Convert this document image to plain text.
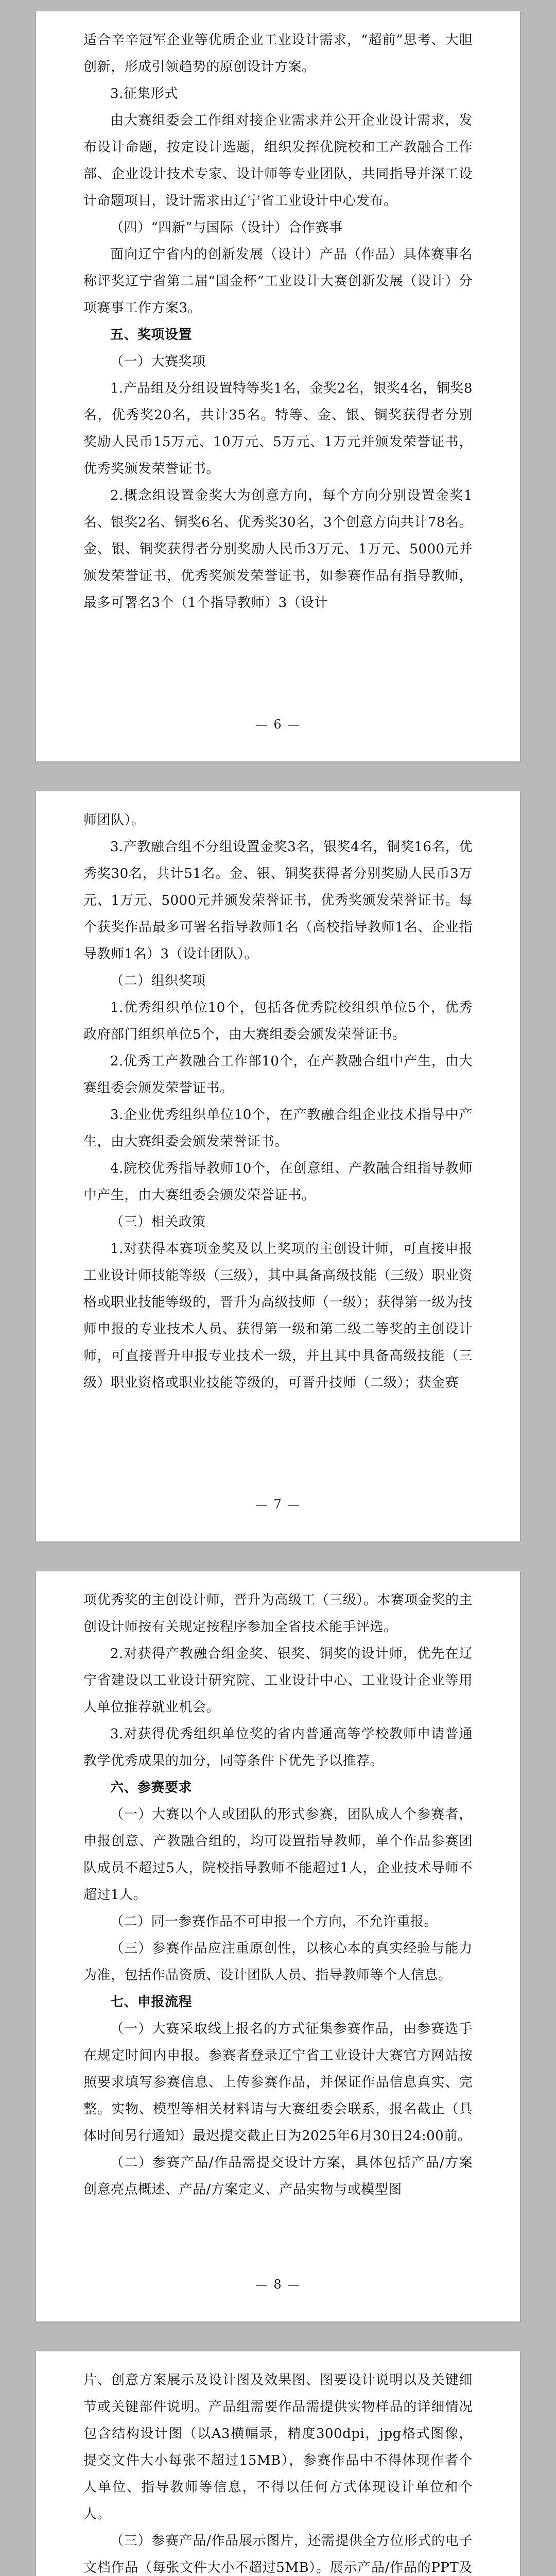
适合辛辛冠军企业等优质企业工业设计需求，“超前”思考、大胆创新，形成引领趋势的原创设计方案。

3.征集形式

由大赛组委会工作组对接企业需求并公开企业设计需求，发布设计命题，按定设计选题，组织发挥优院校和工产教融合工作部、企业设计技术专家、设计师等专业团队，共同指导并深工设计命题项目，设计需求由辽宁省工业设计中心发布。

（四）“四新”与国际（设计）合作赛事

面向辽宁省内的创新发展（设计）产品（作品）具体赛事名称评奖辽宁省第二届“国金杯”工业设计大赛创新发展（设计）分项赛事工作方案3。

五、奖项设置
（一）大赛奖项

1.产品组及分组设置特等奖1名，金奖2名，银奖4名，铜奖8名，优秀奖20名，共计35名。特等、金、银、铜奖获得者分别奖励人民币15万元、10万元、5万元、1万元并颁发荣誉证书，优秀奖颁发荣誉证书。

2.概念组设置金奖大为创意方向，每个方向分别设置金奖1名、银奖2名、铜奖6名、优秀奖30名，3个创意方向共计78名。金、银、铜奖获得者分别奖励人民币3万元、1万元、5000元并颁发荣誉证书，优秀奖颁发荣誉证书，如参赛作品有指导教师，最多可署名3个（1个指导教师）3（设计

— 6 —

师团队）。

3.产教融合组不分组设置金奖3名，银奖4名，铜奖16名，优秀奖30名，共计51名。金、银、铜奖获得者分别奖励人民币3万元、1万元、5000元并颁发荣誉证书，优秀奖颁发荣誉证书。每个获奖作品最多可署名指导教师1名（高校指导教师1名、企业指导教师1名）3（设计团队）。

（二）组织奖项

1.优秀组织单位10个，包括各优秀院校组织单位5个，优秀政府部门组织单位5个，由大赛组委会颁发荣誉证书。

2.优秀工产教融合工作部10个，在产教融合组中产生，由大赛组委会颁发荣誉证书。

3.企业优秀组织单位10个，在产教融合组企业技术指导中产生，由大赛组委会颁发荣誉证书。

4.院校优秀指导教师10个，在创意组、产教融合组指导教师中产生，由大赛组委会颁发荣誉证书。

（三）相关政策

1.对获得本赛项金奖及以上奖项的主创设计师，可直接申报工业设计师技能等级（三级），其中具备高级技能（三级）职业资格或职业技能等级的，晋升为高级技师（一级）；获得第一级为技师申报的专业技术人员、获得第一级和第二级二等奖的主创设计师，可直接晋升申报专业技术一级，并且其中具备高级技能（三级）职业资格或职业技能等级的，可晋升技师（二级）；获金赛

— 7 —

项优秀奖的主创设计师，晋升为高级工（三级）。本赛项金奖的主创设计师按有关规定按程序参加全省技术能手评选。

2.对获得产教融合组金奖、银奖、铜奖的设计师，优先在辽宁省建设以工业设计研究院、工业设计中心、工业设计企业等用人单位推荐就业机会。

3.对获得优秀组织单位奖的省内普通高等学校教师申请普通教学优秀成果的加分，同等条件下优先予以推荐。

六、参赛要求

（一）大赛以个人或团队的形式参赛，团队成人个参赛者，申报创意、产教融合组的，均可设置指导教师，单个作品参赛团队成员不超过5人，院校指导教师不能超过1人，企业技术导师不超过1人。

（二）同一参赛作品不可申报一个方向，不允许重报。

（三）参赛作品应注重原创性，以核心本的真实经验与能力为准，包括作品资质、设计团队人员、指导教师等个人信息。

七、申报流程

（一）大赛采取线上报名的方式征集参赛作品，由参赛选手在规定时间内申报。参赛者登录辽宁省工业设计大赛官方网站按照要求填写参赛信息、上传参赛作品，并保证作品信息真实、完整。实物、模型等相关材料请与大赛组委会联系，报名截止（具体时间另行通知）最迟提交截止日为2025年6月30日24:00前。

（二）参赛产品/作品需提交设计方案，具体包括产品/方案创意亮点概述、产品/方案定义、产品实物与或模型图

— 8 —

片、创意方案展示及设计图及效果图、图要设计说明以及关键细节或关键部件说明。产品组需要作品需提供实物样品的详细情况包含结构设计图（以A3横幅录，精度300dpi，jpg格式图像，提交文件大小每张不超过15MB），参赛作品中不得体现作者个人单位、指导教师等信息，不得以任何方式体现设计单位和个人。

（三）参赛产品/作品展示图片，还需提供全方位形式的电子文档作品（每张文件大小不超过5MB）。展示产品/作品的PPT及
